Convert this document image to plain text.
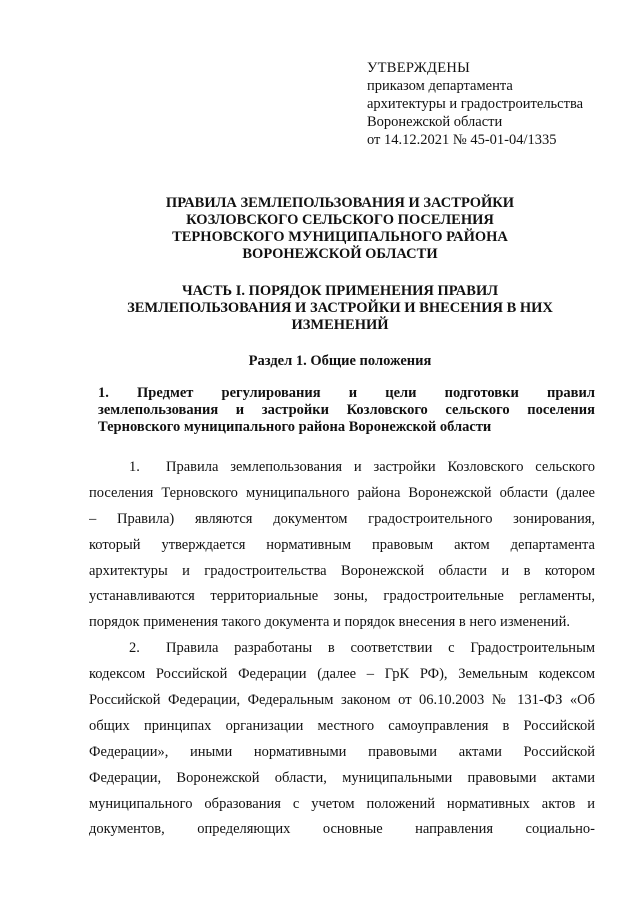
УТВЕРЖДЕНЫ
приказом департамента
архитектуры и градостроительства
Воронежской области
от 14.12.2021 № 45-01-04/1335
ПРАВИЛА ЗЕМЛЕПОЛЬЗОВАНИЯ И ЗАСТРОЙКИ
КОЗЛОВСКОГО СЕЛЬСКОГО ПОСЕЛЕНИЯ
ТЕРНОВСКОГО МУНИЦИПАЛЬНОГО РАЙОНА
ВОРОНЕЖСКОЙ ОБЛАСТИ
ЧАСТЬ I. ПОРЯДОК ПРИМЕНЕНИЯ ПРАВИЛ
ЗЕМЛЕПОЛЬЗОВАНИЯ И ЗАСТРОЙКИ И ВНЕСЕНИЯ В НИХ
ИЗМЕНЕНИЙ
Раздел 1. Общие положения
1. Предмет регулирования и цели подготовки правил
землепользования и застройки Козловского сельского поселения
Терновского муниципального района Воронежской области
1. Правила землепользования и застройки Козловского сельского
поселения Терновского муниципального района Воронежской области (далее
– Правила) являются документом градостроительного зонирования,
который утверждается нормативным правовым актом департамента
архитектуры и градостроительства Воронежской области и в котором
устанавливаются территориальные зоны, градостроительные регламенты,
порядок применения такого документа и порядок внесения в него изменений.
2. Правила разработаны в соответствии с Градостроительным
кодексом Российской Федерации (далее – ГрК РФ), Земельным кодексом
Российской Федерации, Федеральным законом от 06.10.2003 № 131-ФЗ «Об
общих принципах организации местного самоуправления в Российской
Федерации», иными нормативными правовыми актами Российской
Федерации, Воронежской области, муниципальными правовыми актами
муниципального образования с учетом положений нормативных актов и
документов, определяющих основные направления социально-
